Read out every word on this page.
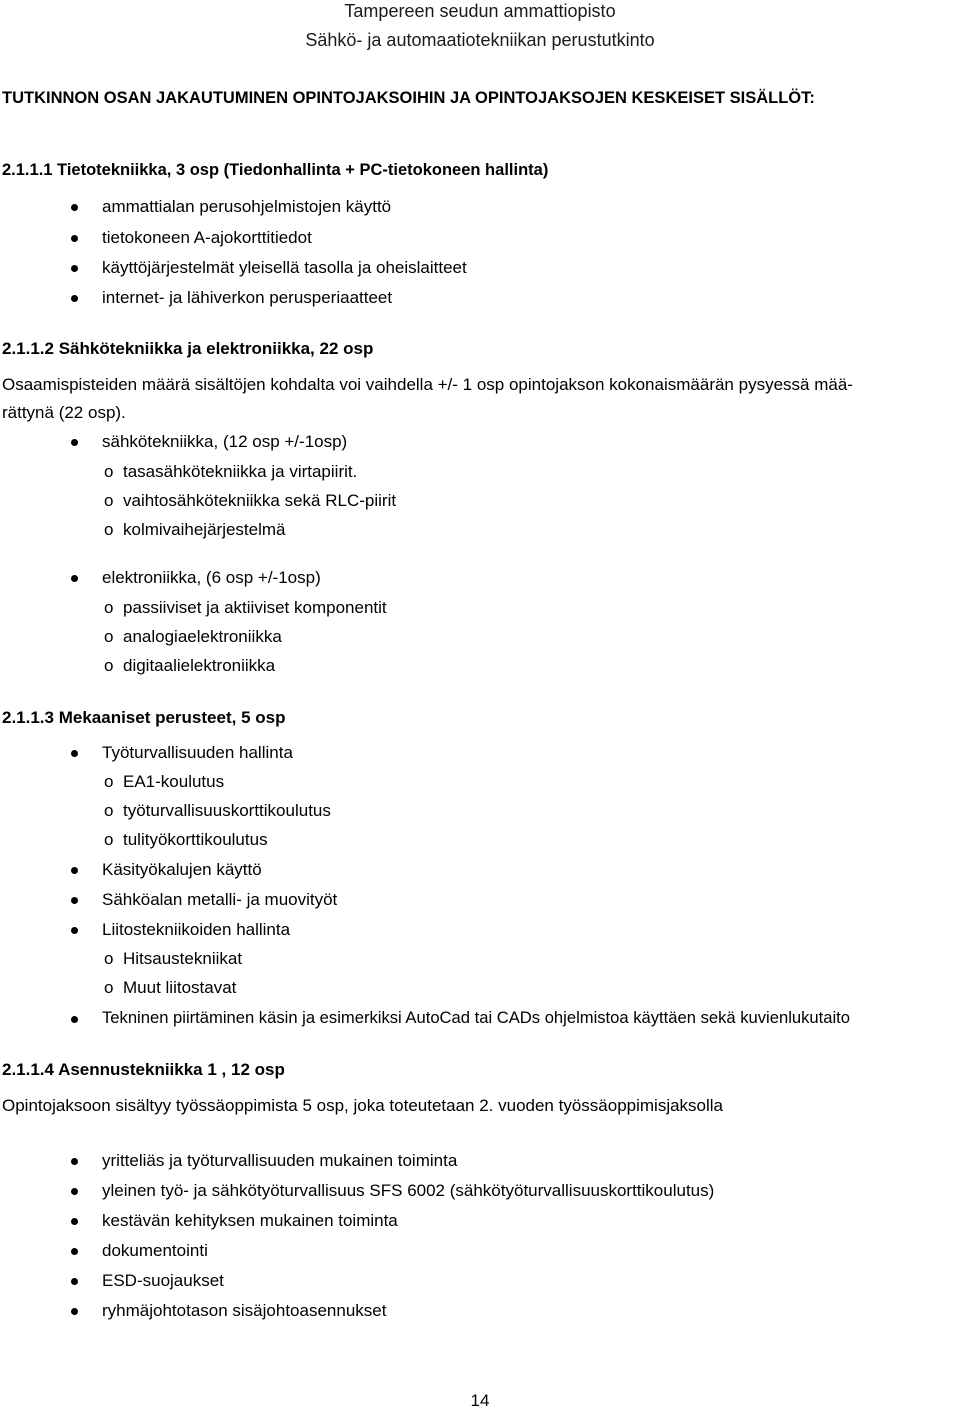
Tampereen seudun ammattiopisto
Sähkö- ja automaatiotekniikan perustutkinto
TUTKINNON OSAN JAKAUTUMINEN OPINTOJAKSOIHIN JA OPINTOJAKSOJEN KESKEISET SISÄLLÖT:
2.1.1.1 Tietotekniikka, 3 osp (Tiedonhallinta + PC-tietokoneen hallinta)
ammattialan perusohjelmistojen käyttö
tietokoneen A-ajokorttitiedot
käyttöjärjestelmät yleisellä tasolla ja oheislaitteet
internet- ja lähiverkon perusperiaatteet
2.1.1.2 Sähkötekniikka ja elektroniikka, 22 osp
Osaamispisteiden määrä sisältöjen kohdalta voi vaihdella +/- 1 osp opintojakson kokonaismäärän pysyessä mää-
rättynä (22 osp).
sähkötekniikka, (12 osp +/-1osp)
o tasasähkötekniikka ja virtapiirit.
o vaihtosähkötekniikka sekä RLC-piirit
o kolmivaihejärjestelmä
elektroniikka, (6 osp +/-1osp)
o passiiviset ja aktiiviset komponentit
o analogiaelektroniikka
o digitaalielektroniikka
2.1.1.3 Mekaaniset perusteet, 5 osp
Työturvallisuuden hallinta
o EA1-koulutus
o työturvallisuuskorttikoulutus
o tulityökorttikoulutus
Käsityökalujen käyttö
Sähköalan metalli- ja muovityöt
Liitostekniikoiden hallinta
o Hitsaustekniikat
o Muut liitostavat
Tekninen piirtäminen käsin ja esimerkiksi AutoCad tai CADs ohjelmistoa käyttäen sekä kuvienlukutaito
2.1.1.4 Asennustekniikka 1 , 12 osp
Opintojaksoon sisältyy työssäoppimista 5 osp, joka toteutetaan 2. vuoden työssäoppimisjaksolla
yritteliäs ja työturvallisuuden mukainen toiminta
yleinen työ- ja sähkötyöturvallisuus SFS 6002 (sähkötyöturvallisuuskorttikoulutus)
kestävän kehityksen mukainen toiminta
dokumentointi
ESD-suojaukset
ryhmäjohtotason sisäjohtoasennukset
14
